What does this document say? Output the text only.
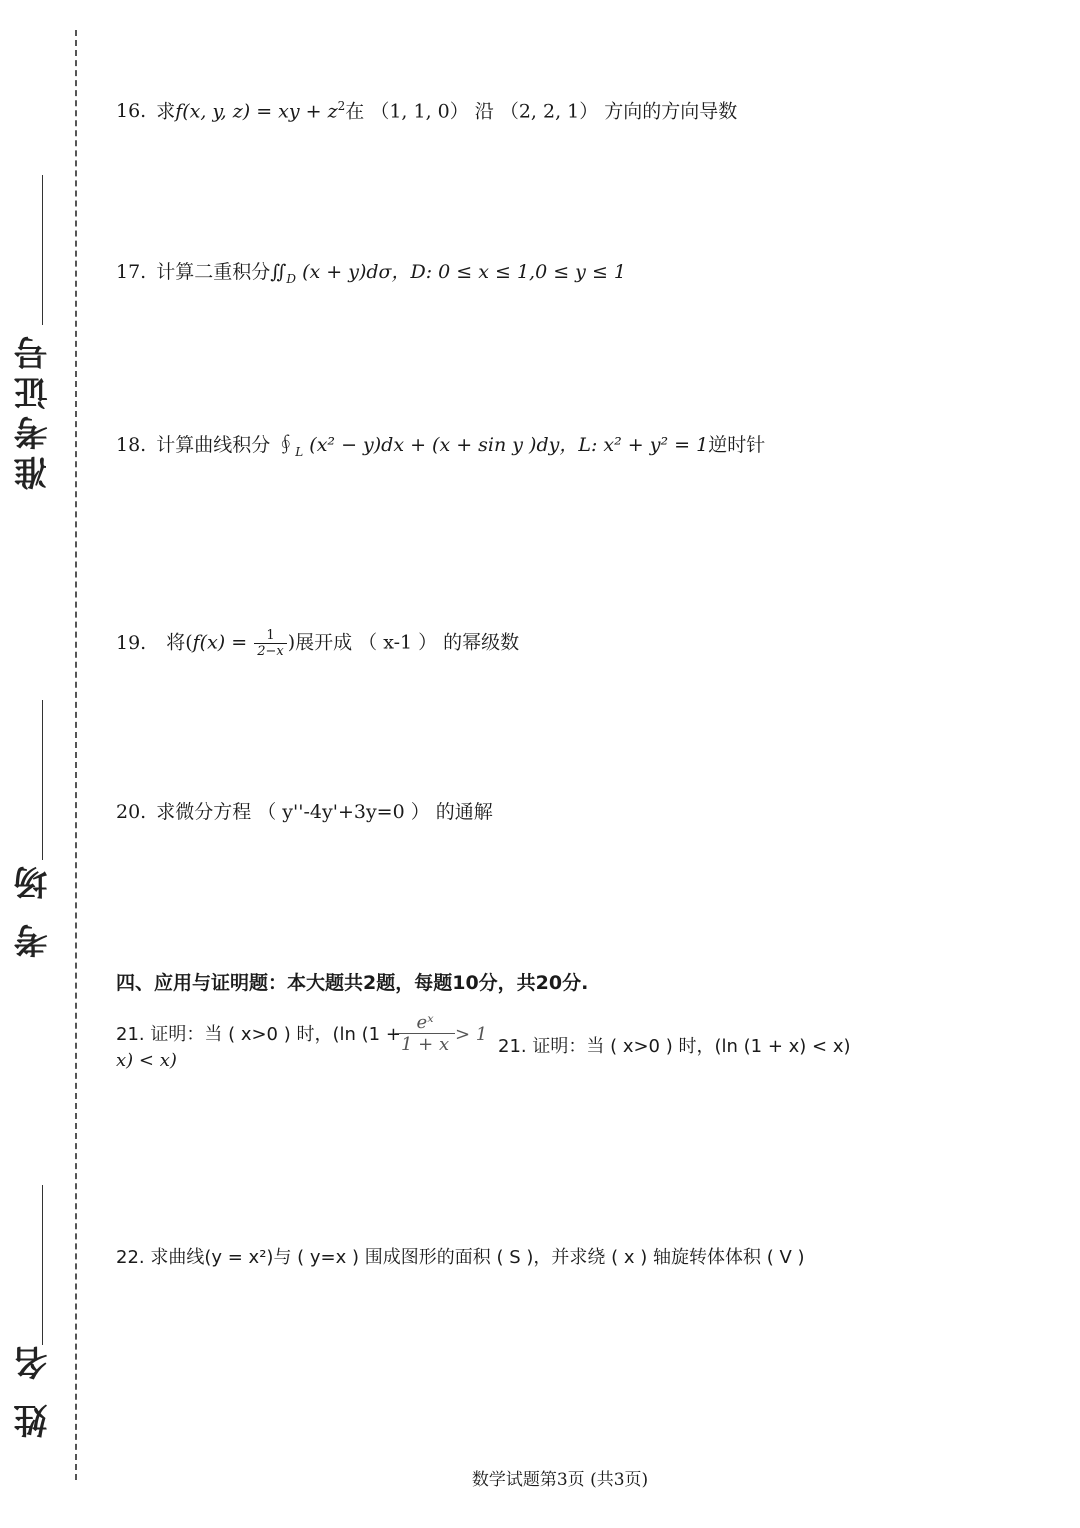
准考证号
考 场
姓 名
16. 求f(x, y, z) = xy + $z^2$在 （1, 1, 0） 沿 （2, 2, 1） 方向的方向导数
17. 计算二重积分$∬_D$ (x + y)dσ，D: 0 ≤ x ≤ 1,0 ≤ y ≤ 1
18. 计算曲线积分 $∮_L$ (x² − y)dx + (x + sin y )dy，L: x² + y² = 1逆时针
19. 将($f(x) = \frac{1}{2-x}$ )展开成 （ x-1 ） 的幂级数
20. 求微分方程 （ y''-4y'+3y=0 ） 的通解
四、应用与证明题：本大题共2题，每题10分，共20分.
21. 证明：当 ( x>0 ) 时，(ln (1 +
x) < x)
$\frac{\text{eˣ}}{1 + x} > 1$
21. 证明：当 ( x>0 ) 时，(ln (1 + x) < x)
22. 求曲线(y = x²)与 ( y=x ) 围成图形的面积 ( S )，并求绕 ( x ) 轴旋转体体积 ( V )
数学试题第3页 (共3页)
